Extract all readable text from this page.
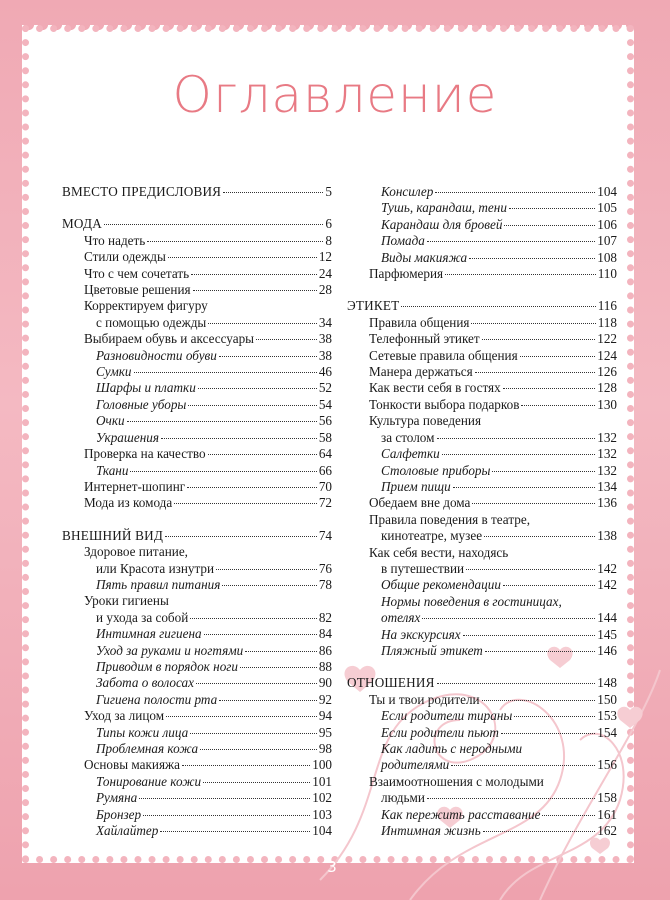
Оглавление
ВМЕСТО ПРЕДИСЛОВИЯ	5
МОДА	6
Что надеть	8
Стили одежды	12
Что с чем сочетать	24
Цветовые решения	28
Корректируем фигуру
с помощью одежды	34
Выбираем обувь и аксессуары	38
Разновидности обуви	38
Сумки	46
Шарфы и платки	52
Головные уборы	54
Очки	56
Украшения	58
Проверка на качество	64
Ткани	66
Интернет-шопинг	70
Мода из комода	72
ВНЕШНИЙ ВИД	74
Здоровое питание,
или Красота изнутри	76
Пять правил питания	78
Уроки гигиены
и ухода за собой	82
Интимная гигиена	84
Уход за руками и ногтями	86
Приводим в порядок ноги	88
Забота о волосах	90
Гигиена полости рта	92
Уход за лицом	94
Типы кожи лица	95
Проблемная кожа	98
Основы макияжа	100
Тонирование кожи	101
Румяна	102
Бронзер	103
Хайлайтер	104
Консилер	104
Тушь, карандаш, тени	105
Карандаш для бровей	106
Помада	107
Виды макияжа	108
Парфюмерия	110
ЭТИКЕТ	116
Правила общения	118
Телефонный этикет	122
Сетевые правила общения	124
Манера держаться	126
Как вести себя в гостях	128
Тонкости выбора подарков	130
Культура поведения
за столом	132
Салфетки	132
Столовые приборы	132
Прием пищи	134
Обедаем вне дома	136
Правила поведения в театре,
кинотеатре, музее	138
Как себя вести, находясь
в путешествии	142
Общие рекомендации	142
Нормы поведения в гостиницах,
отелях	144
На экскурсиях	145
Пляжный этикет	146
ОТНОШЕНИЯ	148
Ты и твои родители	150
Если родители тираны	153
Если родители пьют	154
Как ладить с неродными
родителями	156
Взаимоотношения с молодыми
людьми	158
Как пережить расставание	161
Интимная жизнь	162
3
